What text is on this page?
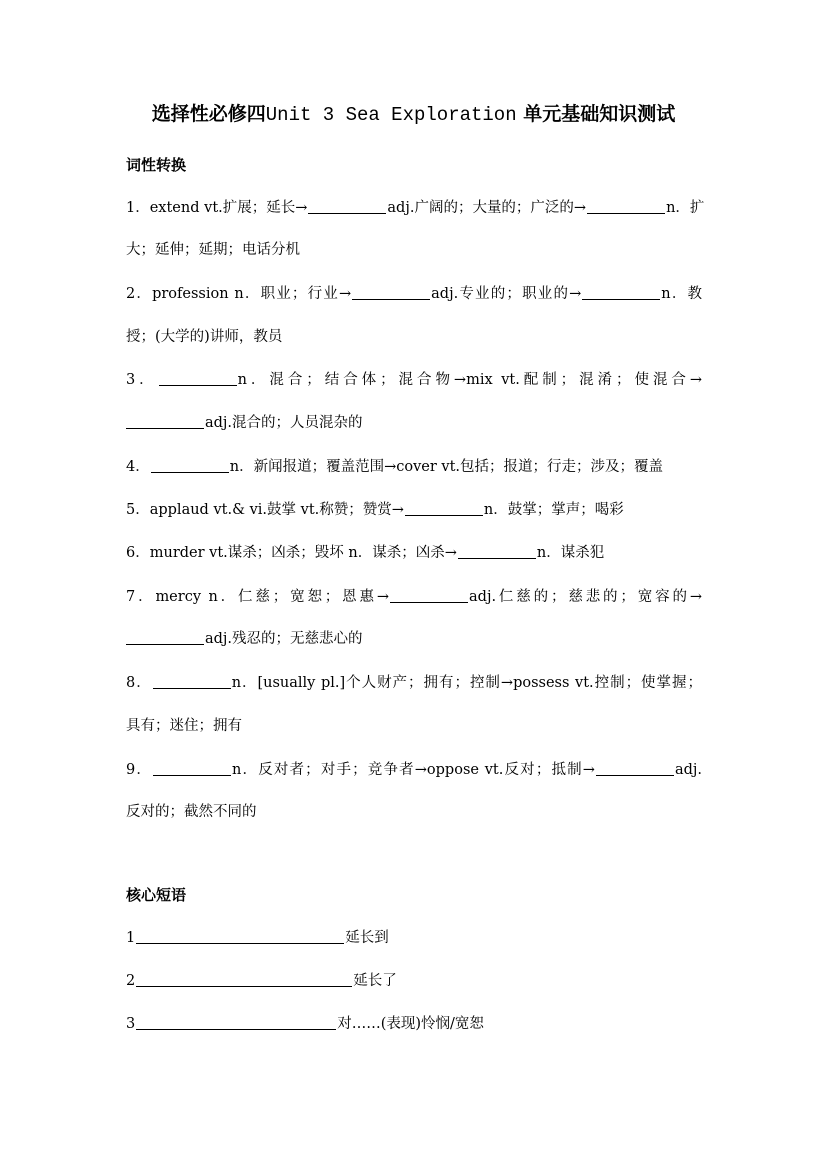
选择性必修四Unit 3 Sea Exploration 单元基础知识测试
词性转换
1．extend vt.扩展；延长→	adj.广阔的；大量的；广泛的→	n．扩
大；延伸；延期；电话分机
2．profession n．职业；行业→	adj.专业的；职业的→	n．教
授；(大学的)讲师，教员
3．	n．混合；结合体；混合物→mix vt.配制；混淆；使混合→
adj.混合的；人员混杂的
4．	n．新闻报道；覆盖范围→cover vt.包括；报道；行走；涉及；覆盖
5．applaud vt.& vi.鼓掌 vt.称赞；赞赏→	n．鼓掌；掌声；喝彩
6．murder vt.谋杀；凶杀；毁坏 n．谋杀；凶杀→	n．谋杀犯
7．mercy n．仁慈；宽恕；恩惠→	adj.仁慈的；慈悲的；宽容的→
adj.残忍的；无慈悲心的
8．	n．[usually pl.]个人财产；拥有；控制→possess vt.控制；使掌握；
具有；迷住；拥有
9．	n．反对者；对手；竞争者→oppose vt.反对；抵制→	adj.
反对的；截然不同的
核心短语
1	延长到
2	延长了
3	对……(表现)怜悯/宽恕
